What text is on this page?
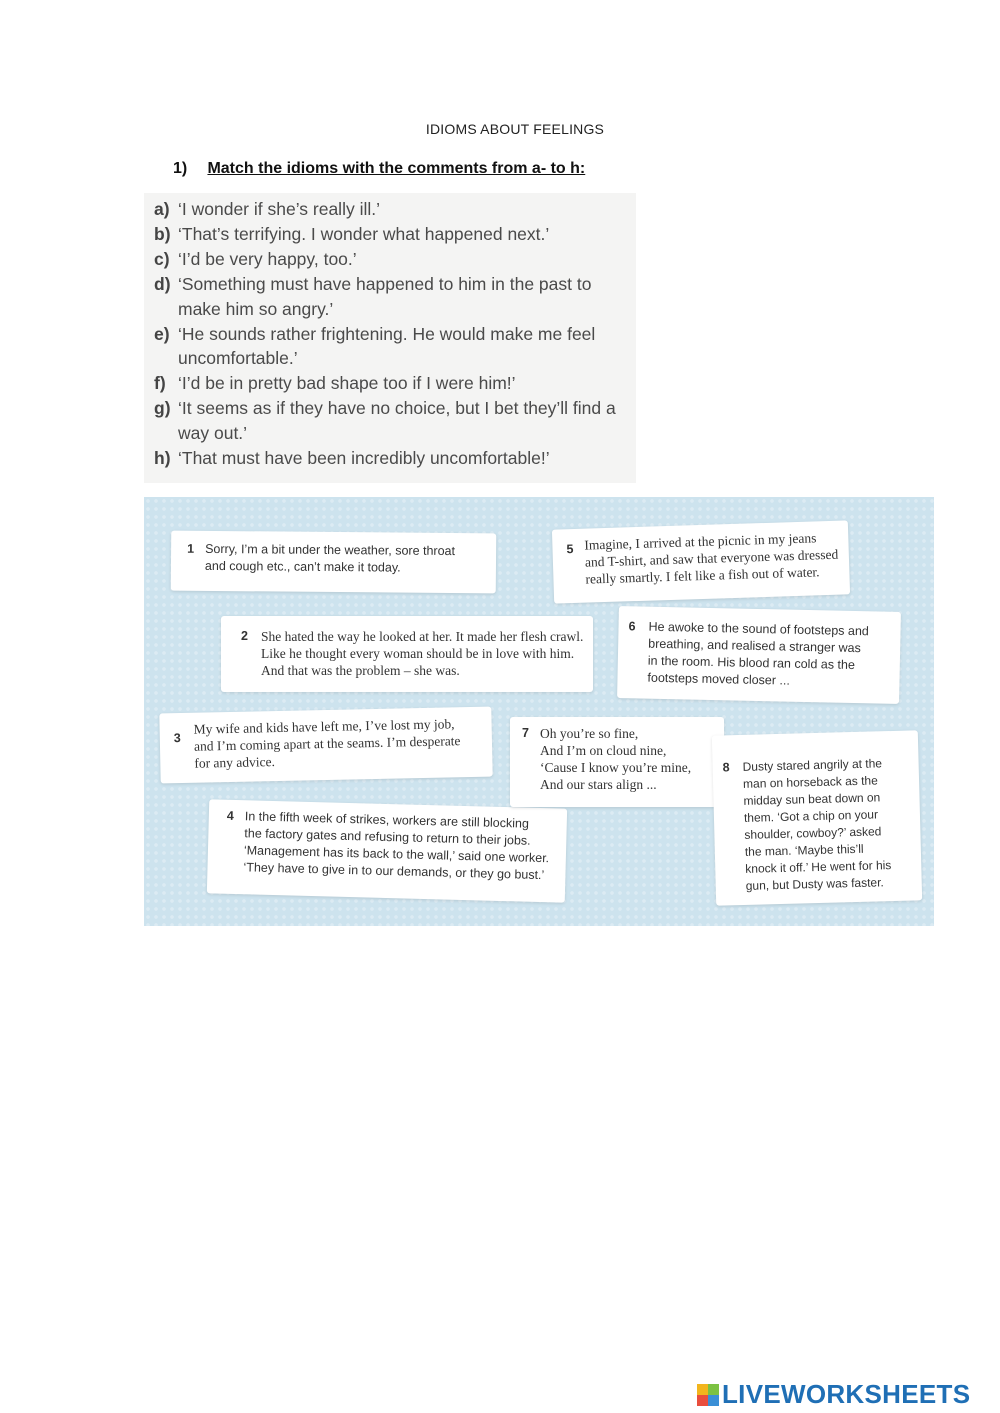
IDIOMS ABOUT FEELINGS
1) Match the idioms with the comments from a- to h:
a) ‘I wonder if she’s really ill.’
b) ‘That’s terrifying. I wonder what happened next.’
c) ‘I’d be very happy, too.’
d) ‘Something must have happened to him in the past to make him so angry.’
e) ‘He sounds rather frightening. He would make me feel uncomfortable.’
f) ‘I’d be in pretty bad shape too if I were him!’
g) ‘It seems as if they have no choice, but I bet they’ll find a way out.’
h) ‘That must have been incredibly uncomfortable!’
1 Sorry, I’m a bit under the weather, sore throat
and cough etc., can’t make it today.
2 She hated the way he looked at her. It made her flesh crawl.
Like he thought every woman should be in love with him.
And that was the problem – she was.
3
My wife and kids have left me, I’ve lost my job,
and I’m coming apart at the seams. I’m desperate
for any advice.
4 In the fifth week of strikes, workers are still blocking
the factory gates and refusing to return to their jobs.
‘Management has its back to the wall,’ said one worker.
‘They have to give in to our demands, or they go bust.’
5 Imagine, I arrived at the picnic in my jeans
and T-shirt, and saw that everyone was dressed
really smartly. I felt like a fish out of water.
6 He awoke to the sound of footsteps and
breathing, and realised a stranger was
in the room. His blood ran cold as the
footsteps moved closer ...
7 Oh you’re so fine,
And I’m on cloud nine,
‘Cause I know you’re mine,
And our stars align ...
8 Dusty stared angrily at the
man on horseback as the
midday sun beat down on
them. ‘Got a chip on your
shoulder, cowboy?’ asked
the man. ‘Maybe this’ll
knock it off.’ He went for his
gun, but Dusty was faster.
LIVEWORKSHEETS
